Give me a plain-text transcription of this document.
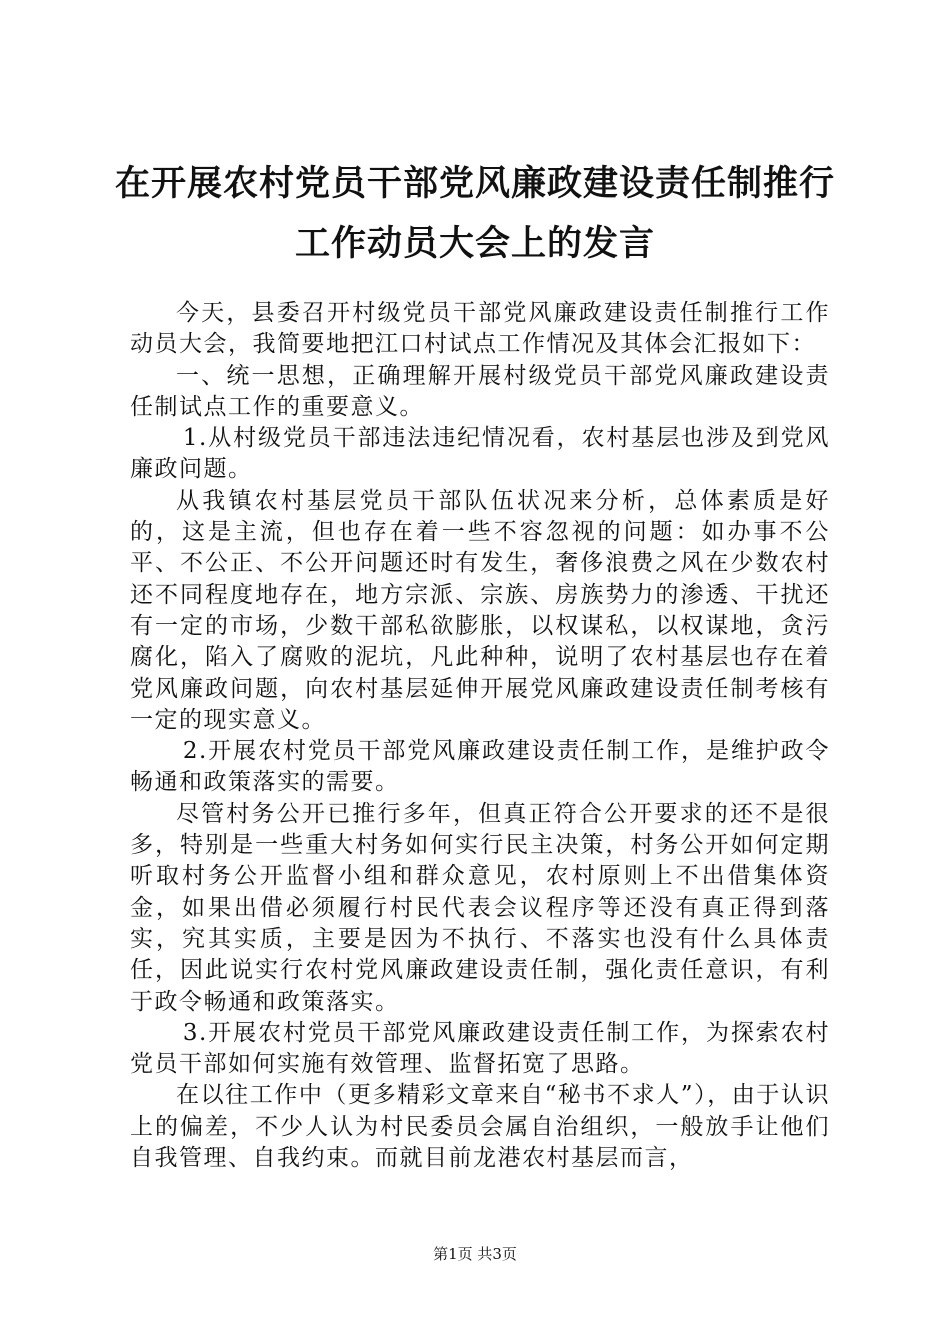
在开展农村党员干部党风廉政建设责任制推行
工作动员大会上的发言

今天，县委召开村级党员干部党风廉政建设责任制推行工作动员大会，我简要地把江口村试点工作情况及其体会汇报如下：

一、统一思想，正确理解开展村级党员干部党风廉政建设责任制试点工作的重要意义。

1.从村级党员干部违法违纪情况看，农村基层也涉及到党风廉政问题。

从我镇农村基层党员干部队伍状况来分析，总体素质是好的，这是主流，但也存在着一些不容忽视的问题：如办事不公平、不公正、不公开问题还时有发生，奢侈浪费之风在少数农村还不同程度地存在，地方宗派、宗族、房族势力的渗透、干扰还有一定的市场，少数干部私欲膨胀，以权谋私，以权谋地，贪污腐化，陷入了腐败的泥坑，凡此种种，说明了农村基层也存在着党风廉政问题，向农村基层延伸开展党风廉政建设责任制考核有一定的现实意义。

2.开展农村党员干部党风廉政建设责任制工作，是维护政令畅通和政策落实的需要。

尽管村务公开已推行多年，但真正符合公开要求的还不是很多，特别是一些重大村务如何实行民主决策，村务公开如何定期听取村务公开监督小组和群众意见，农村原则上不出借集体资金，如果出借必须履行村民代表会议程序等还没有真正得到落实，究其实质，主要是因为不执行、不落实也没有什么具体责任，因此说实行农村党风廉政建设责任制，强化责任意识，有利于政令畅通和政策落实。

3.开展农村党员干部党风廉政建设责任制工作，为探索农村党员干部如何实施有效管理、监督拓宽了思路。

在以往工作中（更多精彩文章来自“秘书不求人”），由于认识上的偏差，不少人认为村民委员会属自治组织，一般放手让他们自我管理、自我约束。而就目前龙港农村基层而言，

第1页 共3页
